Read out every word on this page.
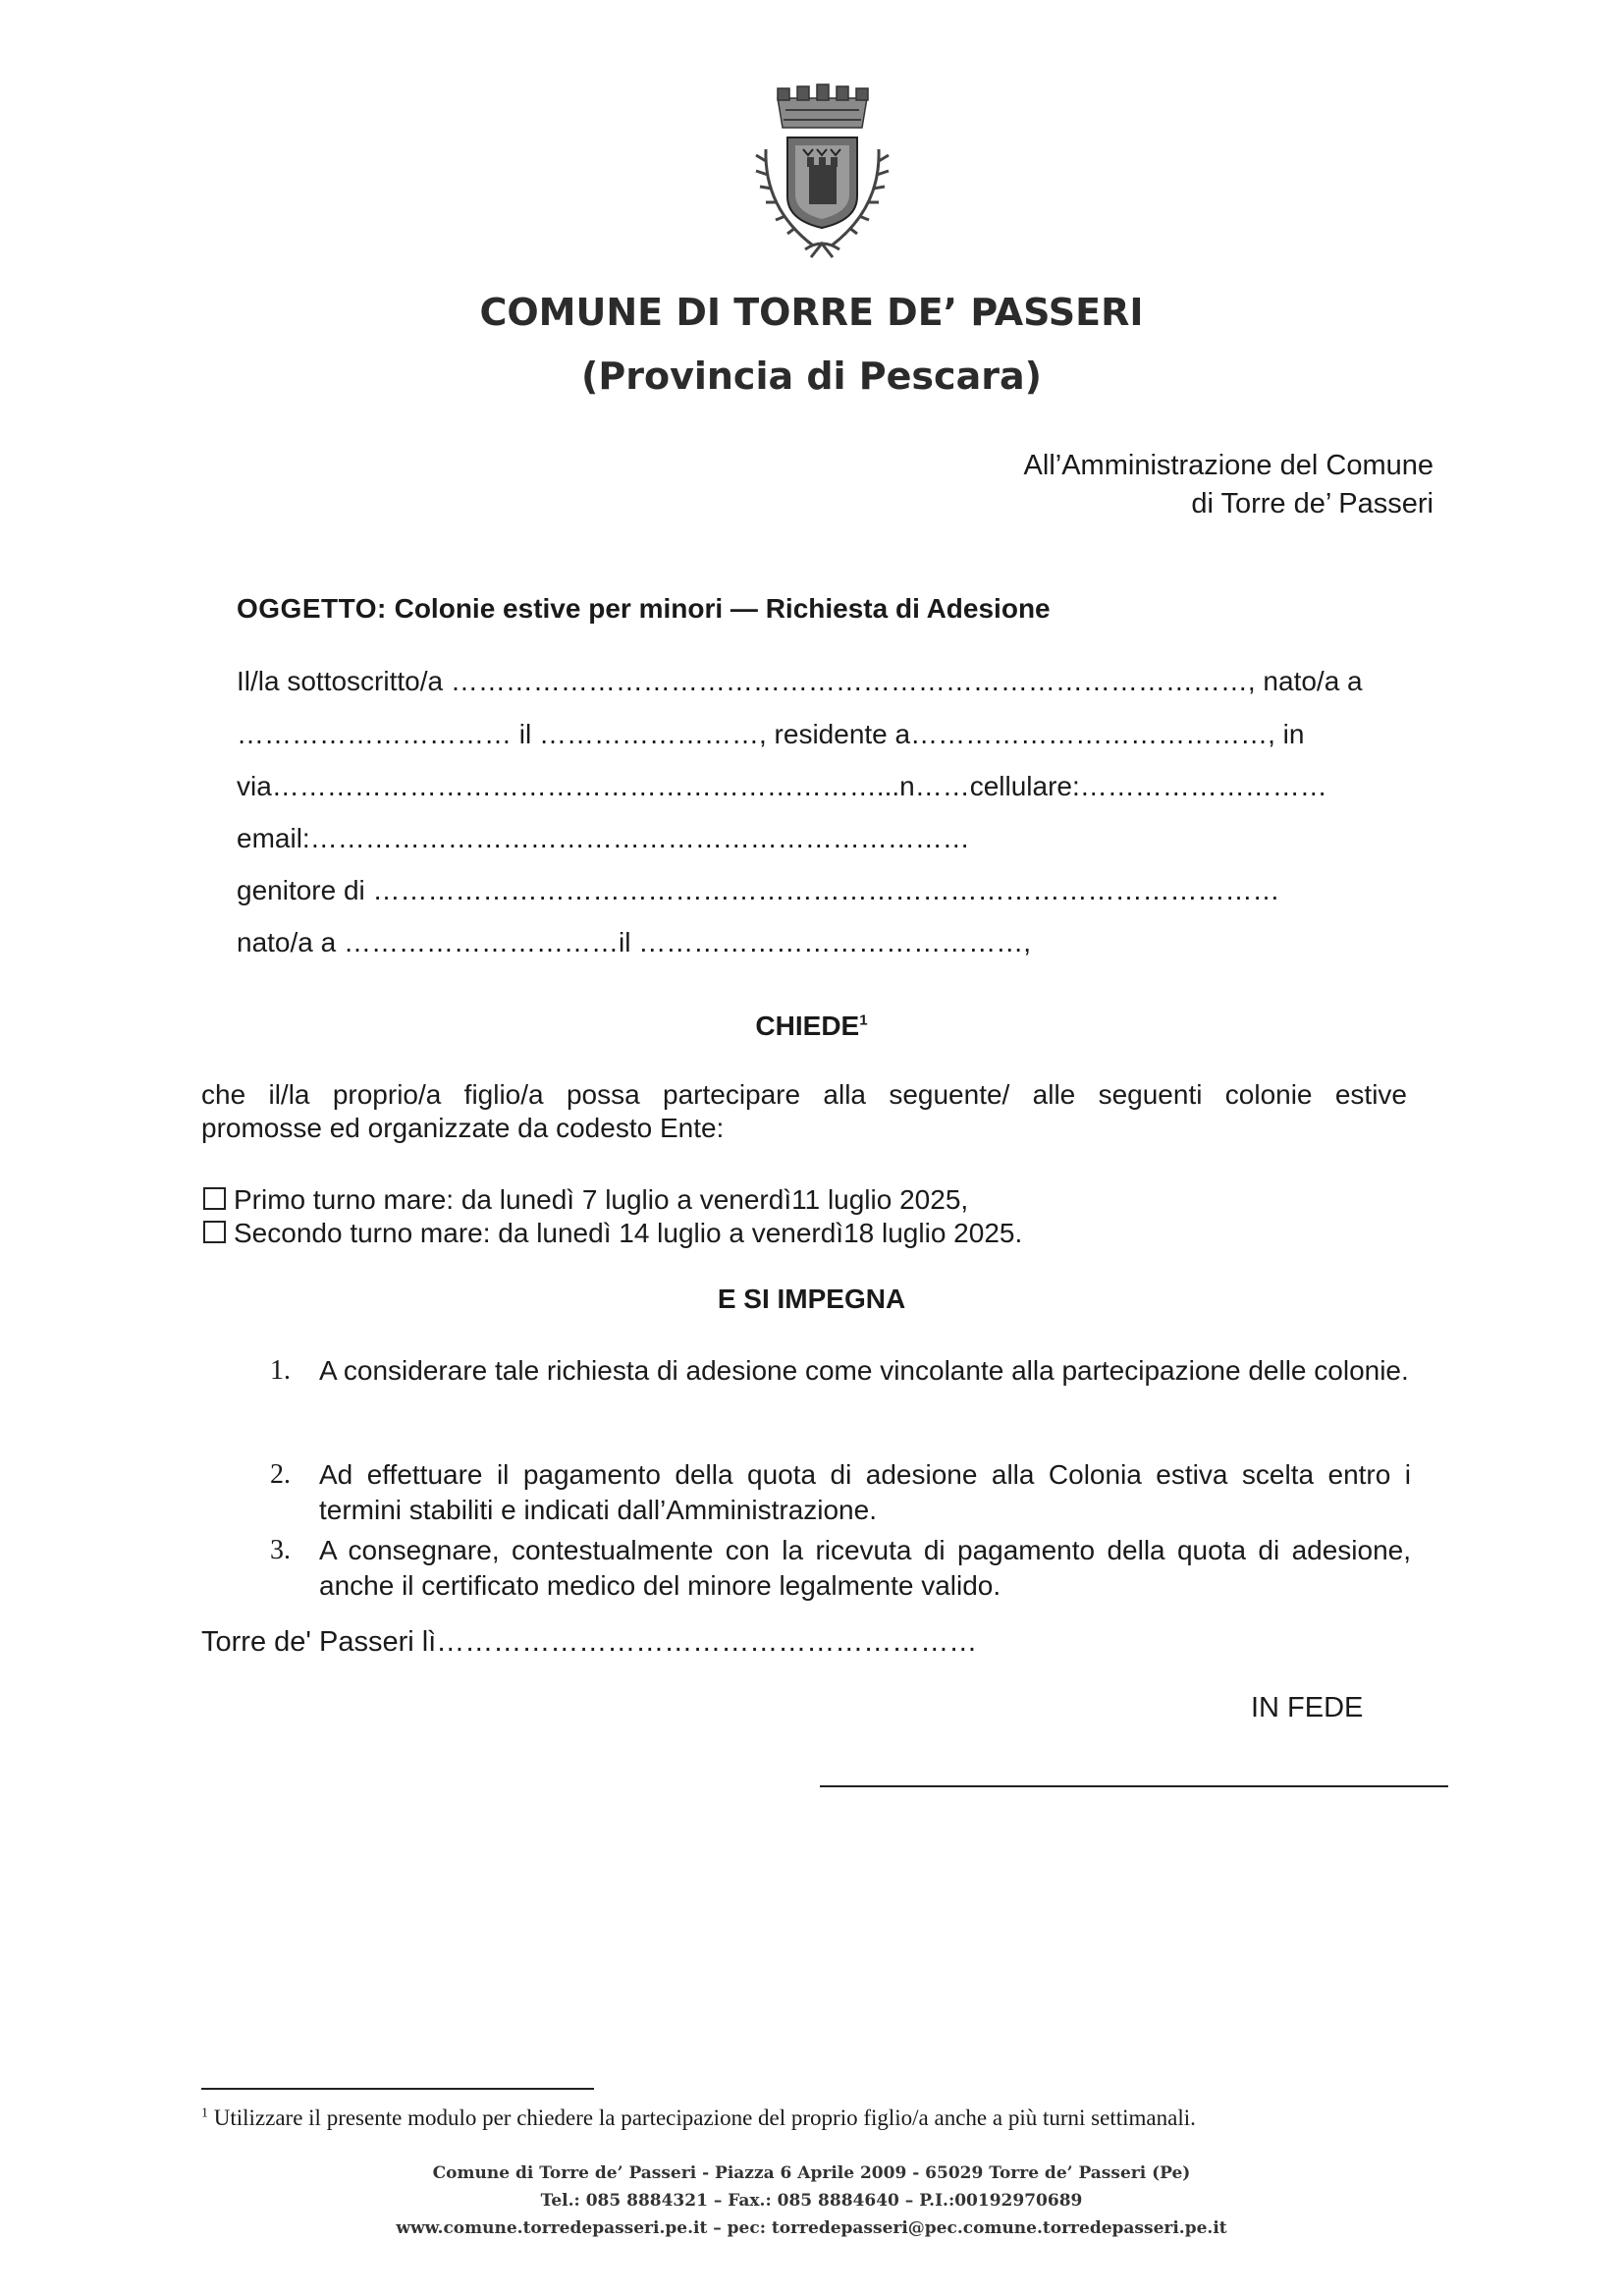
COMUNE DI TORRE DE’ PASSERI
(Provincia di Pescara)
All’Amministrazione del Comune
di Torre de’ Passeri
OGGETTO: Colonie estive per minori — Richiesta di Adesione
Il/la sottoscritto/a ……………………………………………………………………………, nato/a a
………………………… il ……………………, residente a…………………………………, in
via…………………………………………………………...n……cellulare:………………………
email:………………………………………………………………
genitore di ………………………………………………………………………………………
nato/a a …………………………il ……………………………………,
CHIEDE$^1$
che il/la proprio/a figlio/a possa partecipare alla seguente/ alle seguenti colonie estive
promosse ed organizzate da codesto Ente:
Primo turno mare: da lunedì 7 luglio a venerdì11 luglio 2025,
Secondo turno mare: da lunedì 14 luglio a venerdì18 luglio 2025.
E SI IMPEGNA
1.	A considerare tale richiesta di adesione come vincolante alla partecipazione delle colonie.
2.	Ad effettuare il pagamento della quota di adesione alla Colonia estiva scelta entro i termini stabiliti e indicati dall’Amministrazione.
3.	A consegnare, contestualmente con la ricevuta di pagamento della quota di adesione, anche il certificato medico del minore legalmente valido.
Torre de' Passeri lì…………………………………………………
IN FEDE
$^1$ Utilizzare il presente modulo per chiedere la partecipazione del proprio figlio/a anche a più turni settimanali.
Comune di Torre de’ Passeri - Piazza 6 Aprile 2009 - 65029 Torre de’ Passeri (Pe)
Tel.: 085 8884321 – Fax.: 085 8884640 – P.I.:00192970689
www.comune.torredepasseri.pe.it – pec: torredepasseri@pec.comune.torredepasseri.pe.it
